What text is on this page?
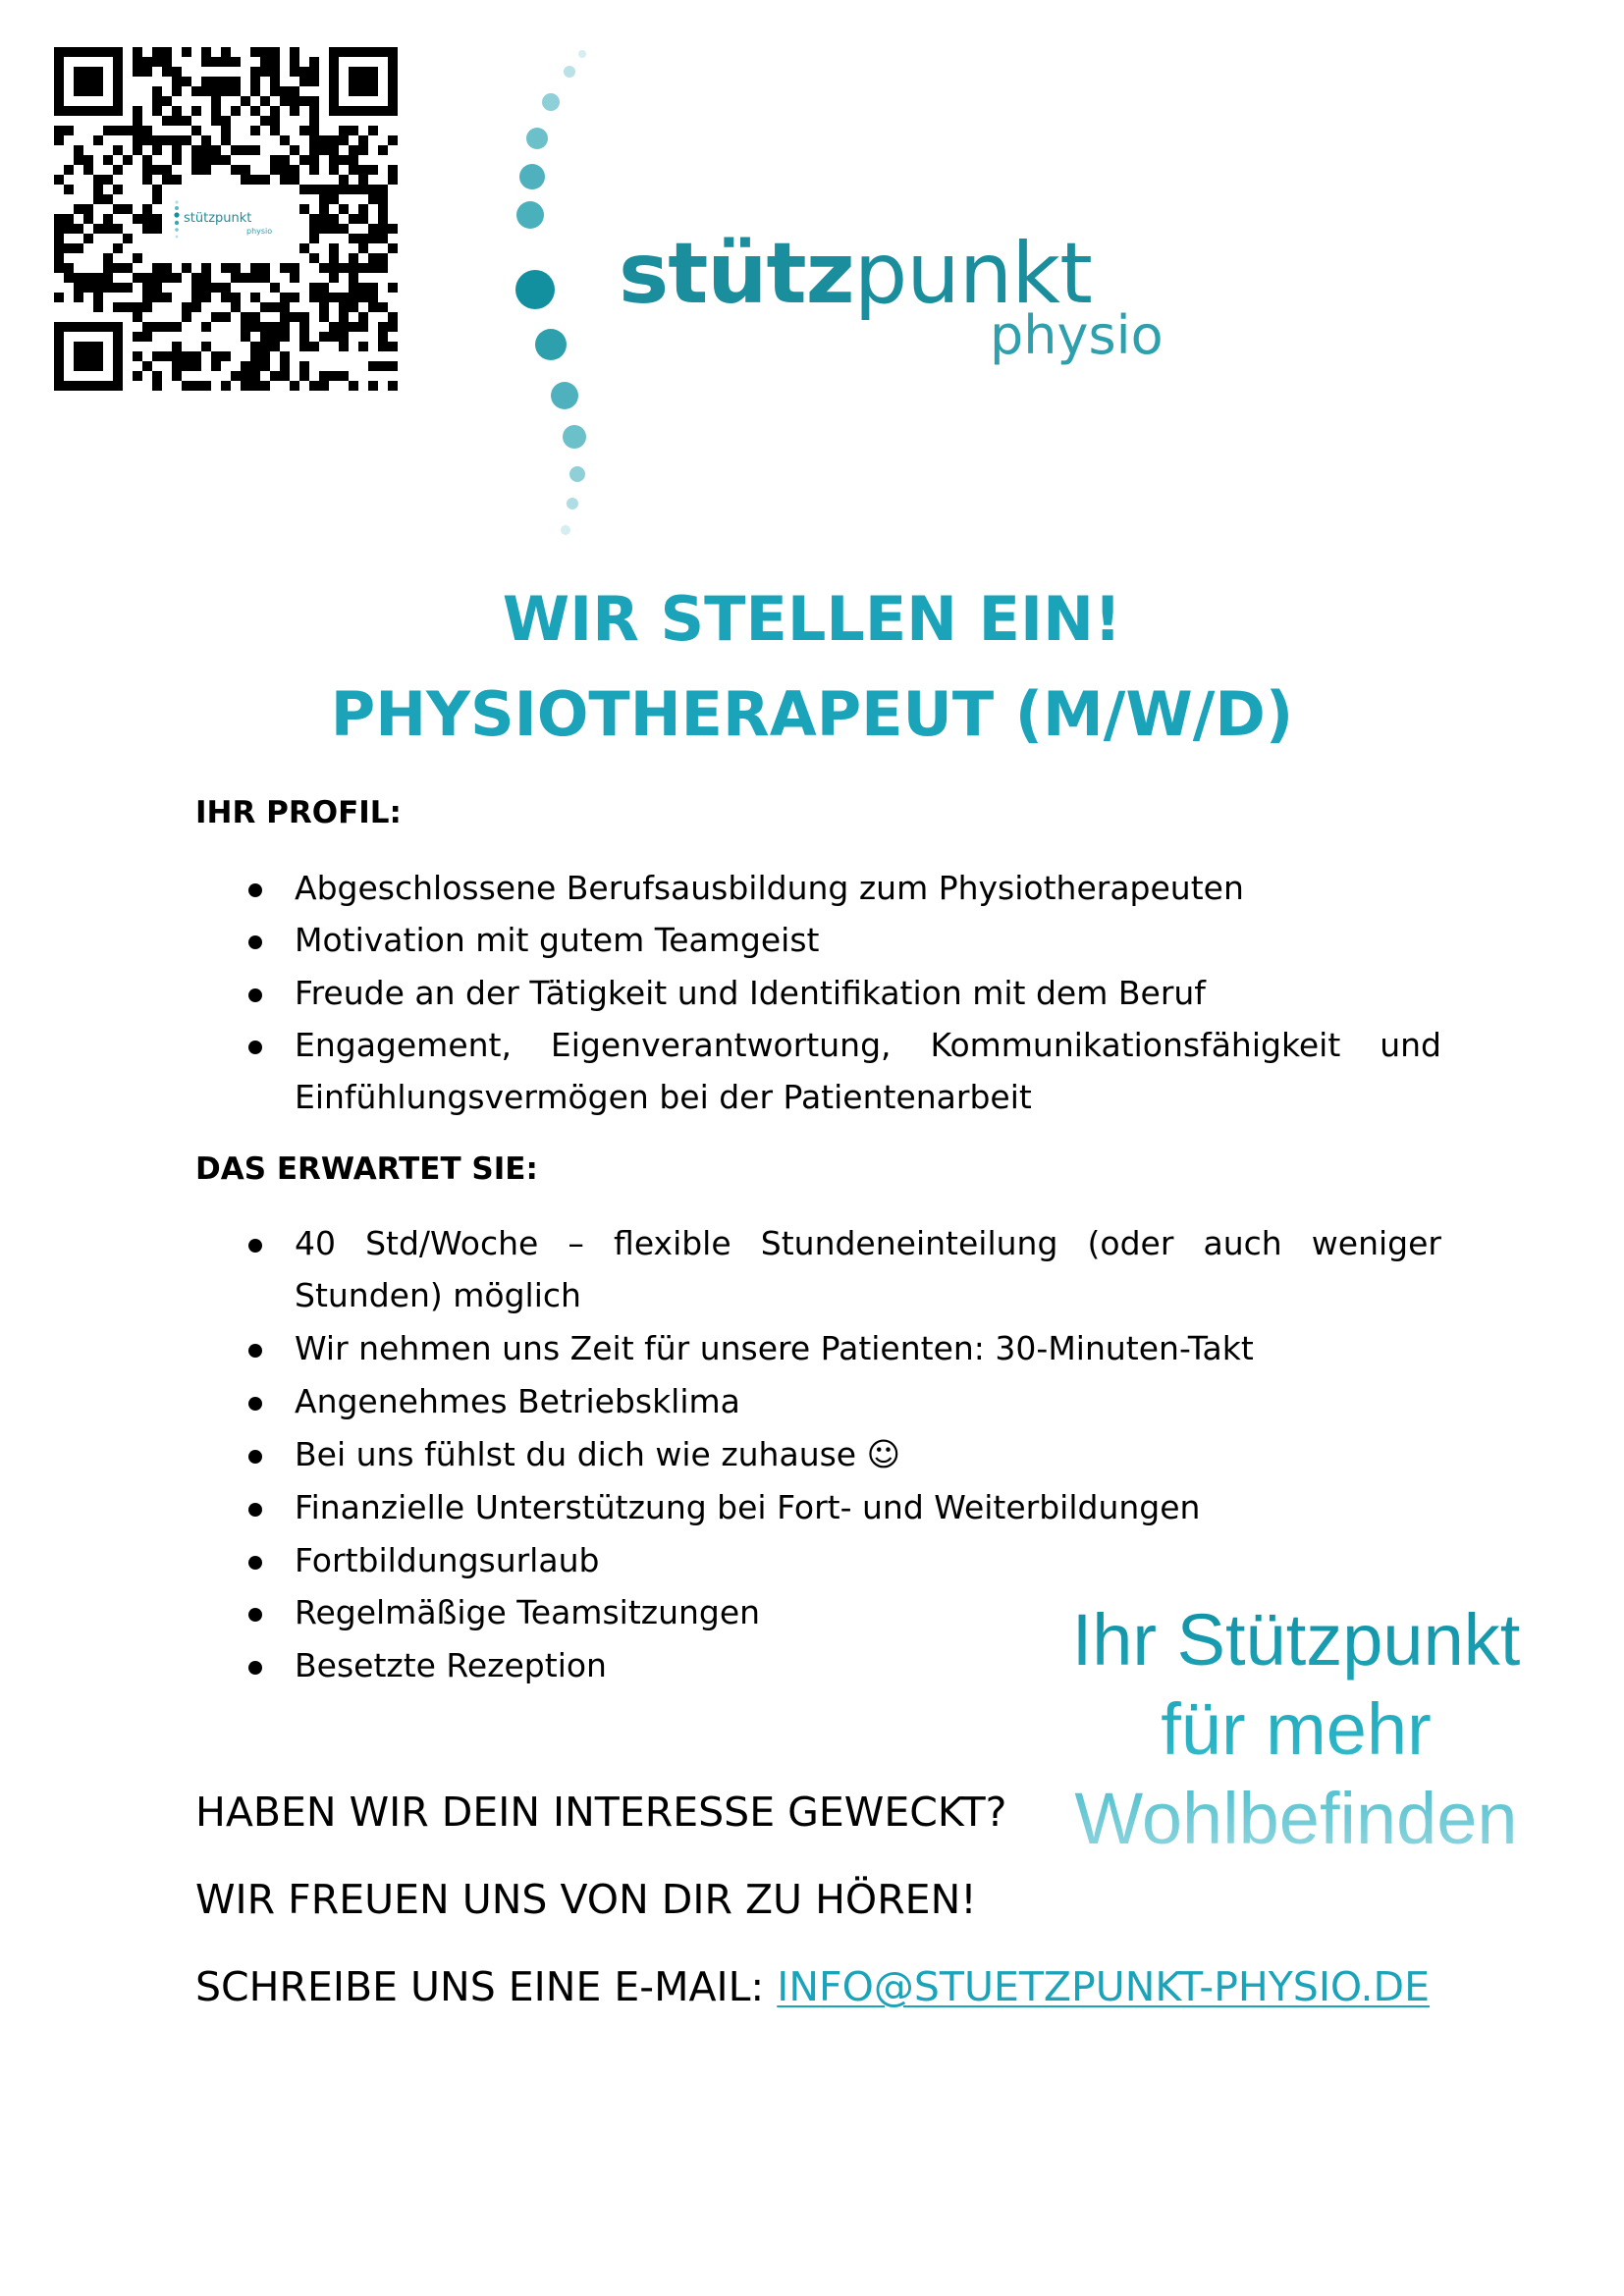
stützpunkt
physio	stützpunkt
physio
WIR STELLEN EIN!
PHYSIOTHERAPEUT (M/W/D)
IHR PROFIL:
Abgeschlossene Berufsausbildung zum Physiotherapeuten
Motivation mit gutem Teamgeist
Freude an der Tätigkeit und Identifikation mit dem Beruf
Engagement, Eigenverantwortung, Kommunikationsfähigkeit und Einfühlungsvermögen bei der Patientenarbeit
DAS ERWARTET SIE:
40 Std/Woche – flexible Stundeneinteilung (oder auch weniger Stunden) möglich
Wir nehmen uns Zeit für unsere Patienten: 30-Minuten-Takt
Angenehmes Betriebsklima
Bei uns fühlst du dich wie zuhause ☺
Finanzielle Unterstützung bei Fort- und Weiterbildungen
Fortbildungsurlaub
Regelmäßige Teamsitzungen
Besetzte Rezeption	Ihr Stützpunkt
für mehr
Wohlbefinden
HABEN WIR DEIN INTERESSE GEWECKT?
WIR FREUEN UNS VON DIR ZU HÖREN!
SCHREIBE UNS EINE E-MAIL: INFO@STUETZPUNKT-PHYSIO.DE
